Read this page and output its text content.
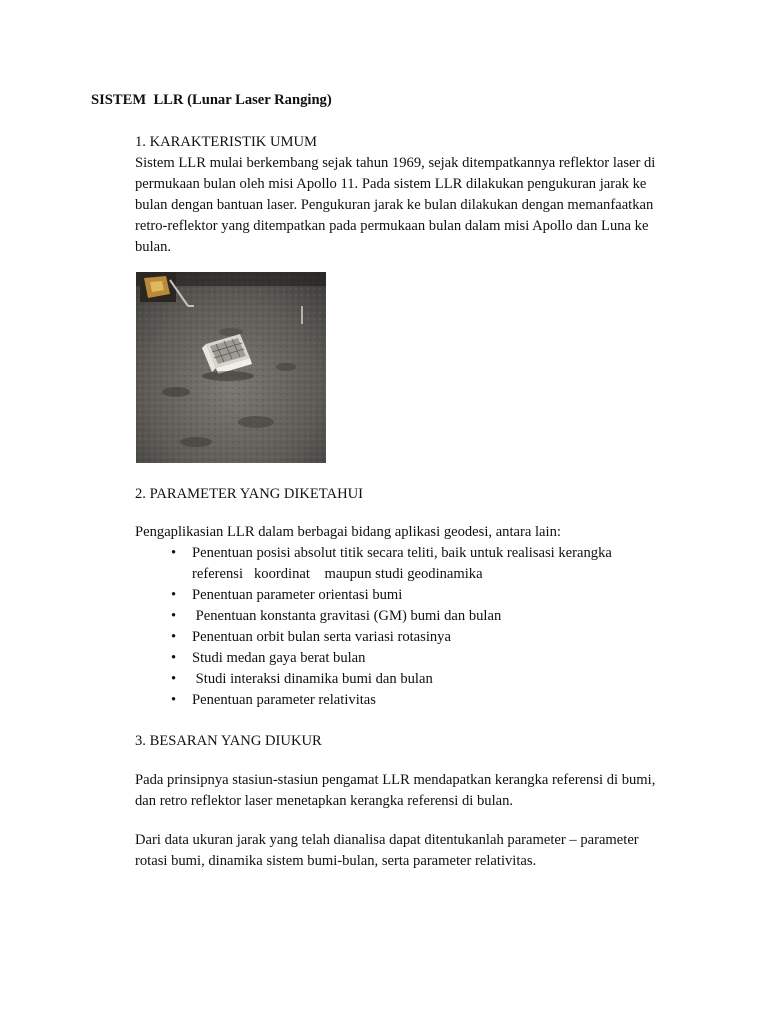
SISTEM  LLR (Lunar Laser Ranging)
1. KARAKTERISTIK UMUM
Sistem LLR mulai berkembang sejak tahun 1969, sejak ditempatkannya reflektor laser di
permukaan bulan oleh misi Apollo 11. Pada sistem LLR dilakukan pengukuran jarak ke
bulan dengan bantuan laser. Pengukuran jarak ke bulan dilakukan dengan memanfaatkan
retro-reflektor yang ditempatkan pada permukaan bulan dalam misi Apollo dan Luna ke
bulan.
2. PARAMETER YANG DIKETAHUI
Pengaplikasian LLR dalam berbagai bidang aplikasi geodesi, antara lain:
• Penentuan posisi absolut titik secara teliti, baik untuk realisasi kerangka
referensi   koordinat    maupun studi geodinamika
• Penentuan parameter orientasi bumi
• Penentuan konstanta gravitasi (GM) bumi dan bulan
• Penentuan orbit bulan serta variasi rotasinya
• Studi medan gaya berat bulan
• Studi interaksi dinamika bumi dan bulan
• Penentuan parameter relativitas
3. BESARAN YANG DIUKUR
Pada prinsipnya stasiun-stasiun pengamat LLR mendapatkan kerangka referensi di bumi,
dan retro reflektor laser menetapkan kerangka referensi di bulan.
Dari data ukuran jarak yang telah dianalisa dapat ditentukanlah parameter – parameter
rotasi bumi, dinamika sistem bumi-bulan, serta parameter relativitas.
